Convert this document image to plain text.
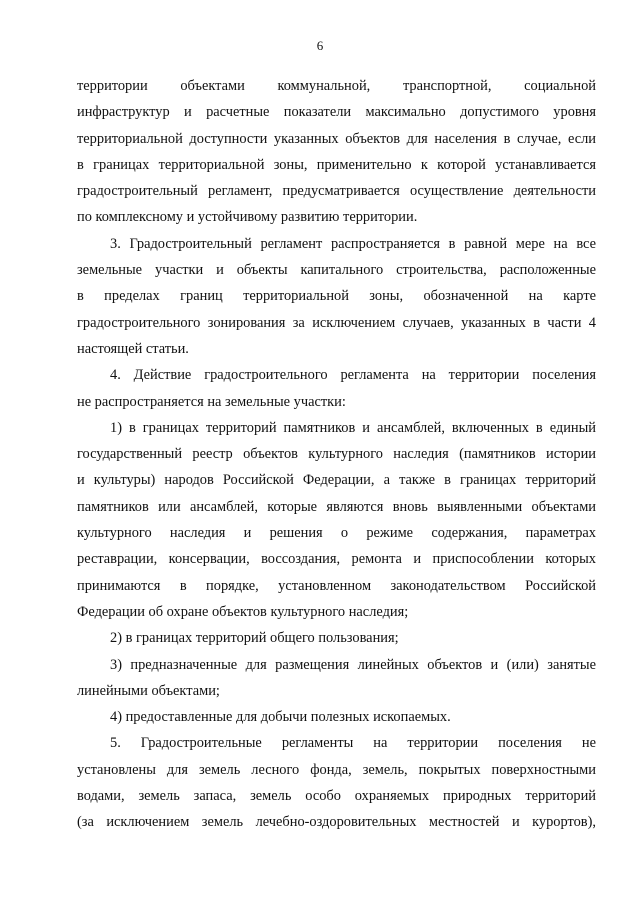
6
территории объектами коммунальной, транспортной, социальной
инфраструктур и расчетные показатели максимально допустимого уровня
территориальной доступности указанных объектов для населения в случае, если
в границах территориальной зоны, применительно к которой устанавливается
градостроительный регламент, предусматривается осуществление деятельности
по комплексному и устойчивому развитию территории.
3. Градостроительный регламент распространяется в равной мере на все
земельные участки и объекты капитального строительства, расположенные
в пределах границ территориальной зоны, обозначенной на карте
градостроительного зонирования за исключением случаев, указанных в части 4
настоящей статьи.
4. Действие градостроительного регламента на территории поселения
не распространяется на земельные участки:
1) в границах территорий памятников и ансамблей, включенных в единый
государственный реестр объектов культурного наследия (памятников истории
и культуры) народов Российской Федерации, а также в границах территорий
памятников или ансамблей, которые являются вновь выявленными объектами
культурного наследия и решения о режиме содержания, параметрах
реставрации, консервации, воссоздания, ремонта и приспособлении которых
принимаются в порядке, установленном законодательством Российской
Федерации об охране объектов культурного наследия;
2) в границах территорий общего пользования;
3) предназначенные для размещения линейных объектов и (или) занятые
линейными объектами;
4) предоставленные для добычи полезных ископаемых.
5. Градостроительные регламенты на территории поселения не
установлены для земель лесного фонда, земель, покрытых поверхностными
водами, земель запаса, земель особо охраняемых природных территорий
(за исключением земель лечебно-оздоровительных местностей и курортов),
